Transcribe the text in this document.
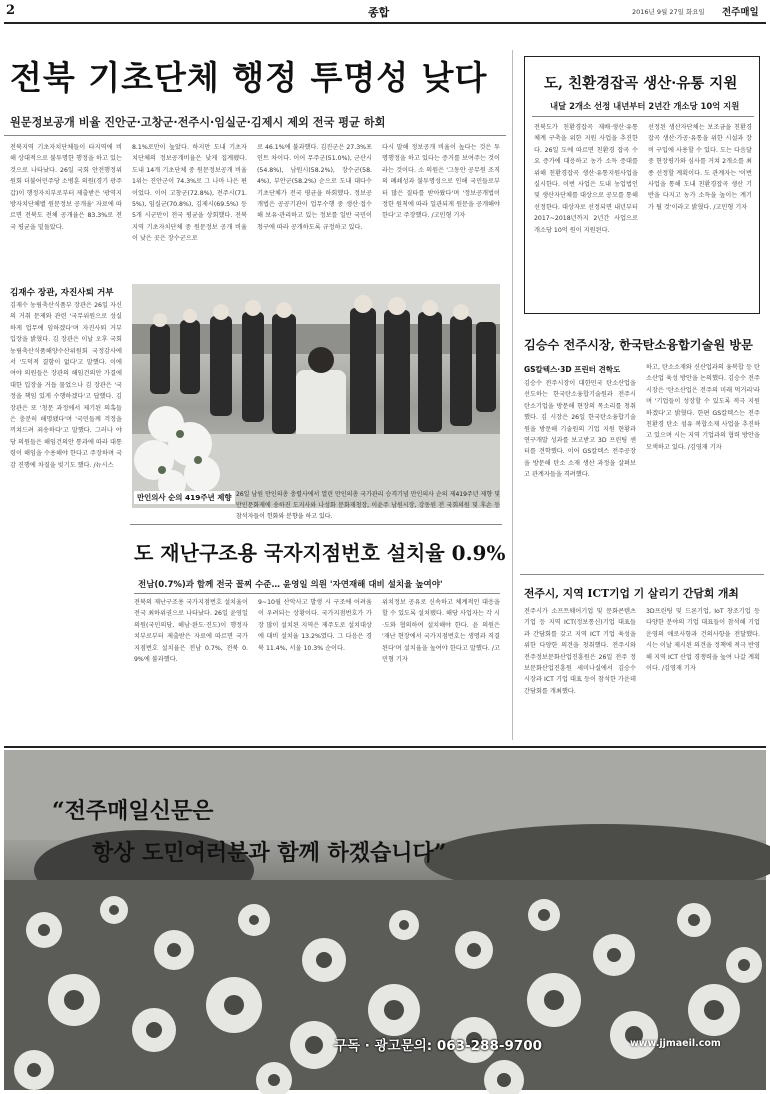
2	종합	2016년 9월 27일 화요일 전주매일
전북 기초단체 행정 투명성 낮다
원문정보공개 비율 진안군·고창군·전주시·임실군·김제시 제외 전국 평균 하회
전북지역 기초자치단체들이 타지역에 비해 상대적으로 불투명한 행정을 하고 있는 것으로 나타났다. 26일 국회 안전행정위원회 더불어민주당 소병훈 의원(경기 광주갑)이 행정자치부로부터 제출받은 '광역지방자치단체별 원문정보 공개율' 자료에 따르면 전북도 전체 공개율은 83.3%로 전국 평균을 밑돌았다.
8.1%로만이 높았다. 하지만 도내 기초자치단체의 정보공개비율은 낮게 집계됐다. 도내 14개 기초단체 중 원문정보공개 비율 1위는 진안군이 74.3%로 그 나마 나은 편이었다. 이어 고창군(72.8%), 전주시(71.5%), 임실군(70.8%), 김제시(69.5%) 등 5개 시군만이 전국 평균을 상회했다. 전북지역 기초자치단체 중 원문정보 공개 비율이 낮은 곳은 장수군으로
로 46.1%에 불과했다. 김진군은 27.3%포인트 차이다. 이어 무주군(51.0%), 군산시(54.8%), 남원시(58.2%), 장수군(58.4%), 부안군(58.2%) 순으로 도내 대다수 기초단체가 전국 평균을 하회했다. 정보공개법은 공공기관이 업무수행 중 생산·접수해 보유·관리하고 있는 정보를 일반 국민이 청구에 따라 공개하도록 규정하고 있다.
다시 말해 정보공개 비율이 높다는 것은 투명행정을 하고 있다는 증거를 보여주는 것이라는 것이다. 소 의원은 '그동안 공무원 조직의 폐쇄성과 불투명성으로 인해 국민들로부터 많은 질타를 받아왔다'며 '정보공개법이 정한 원칙에 따라 일관되게 원문을 공개해야 한다'고 주장했다. /고민형 기자
김재수 장관, 자진사퇴 거부
김재수 농림축산식품부 장관은 26일 자신의 거취 문제와 관련 '국무위원으로 성실하게 업무에 임하겠다'며 자진사퇴 거부 입장을 밝혔다. 김 장관은 이날 오후 국회 농림축산식품해양수산위원회 국정감사에서 '도덕적 결함이 없다'고 말했다. 이에 여야 의원들은 장관의 해임건의안 가결에 대한 입장을 거듭 물었으나 김 장관은 '국정을 책임 있게 수행하겠다'고 답했다. 김 장관은 또 '청문 과정에서 제기된 의혹들은 충분히 해명됐다'며 '국민들께 걱정을 끼쳐드려 죄송하다'고 말했다. 그러나 야당 의원들은 해임건의안 통과에 따라 대통령이 해임을 수용해야 한다고 주장하며 국감 진행에 차질을 빚기도 했다. /뉴시스
만인의사 순의 419주년 제향 26일 남원 만인의총 충렬사에서 열린 만인의총 국가관리 승격기념 만인의사 순의 제419주년 제향 및 만인문화제에 송하진 도지사와 나성화 문화재청장, 이윤주 남원시장, 강동원 전 국회의원 및 후손 등 참석자들이 헌화와 분향을 하고 있다.
도 재난구조용 국자지점번호 설치율 0.9%
전남(0.7%)과 함께 전국 꼴찌 수준… 윤영일 의원 '자연재해 대비 설치율 높여야'
전북의 재난구조용 국가지점번호 설치율이 전국 최하위권으로 나타났다. 26일 윤영일 의원(국민의당, 해남·완도·진도)이 행정자치부로부터 제출받은 자료에 따르면 국가지점번호 설치율은 전남 0.7%, 전북 0.9%에 불과했다.
9~10월 산악사고 발생 시 구조에 어려움이 우려되는 상황이다. 국가지점번호가 가장 많이 설치된 지역은 제주도로 설치대상에 대비 설치율 13.2%였다. 그 다음은 경북 11.4%, 서울 10.3% 순이다.
위치정보 공유로 신속하고 체계적인 대응을 할 수 있도록 설치됐다. 해당 사업자는 각 시·도와 협의하여 설치해야 한다. 윤 의원은 '재난 현장에서 국가지점번호는 생명과 직결된다'며 설치율을 높여야 한다고 말했다. /고민형 기자
도, 친환경잡곡 생산·유통 지원
내달 2개소 선정 내년부터 2년간 개소당 10억 지원
전북도가 친환경잡곡 재배·생산·유통 체계 구축을 위한 지원 사업을 추진한다. 26일 도에 따르면 친환경 잡곡 수요 증가에 대응하고 농가 소득 증대를 위해 친환경잡곡 생산·유통지원사업을 실시한다. 이번 사업은 도내 농업법인 및 생산자단체를 대상으로 공모를 통해 선정한다. 대상자로 선정되면 내년부터 2017~2018년까지 2년간 사업으로 개소당 10억 원이 지원된다.
선정된 생산자단체는 보조금을 친환경잡곡 생산·가공·유통을 위한 시설과 장비 구입에 사용할 수 있다. 도는 다음달 중 현장평가와 심사를 거쳐 2개소를 최종 선정할 계획이다. 도 관계자는 '이번 사업을 통해 도내 친환경잡곡 생산 기반을 다지고 농가 소득을 높이는 계기가 될 것'이라고 밝혔다. /고민형 기자
김승수 전주시장, 한국탄소융합기술원 방문
GS칼텍스·3D 프린터 견학도
김승수 전주시장이 대한민국 탄소산업을 선도하는 한국탄소융합기술원과 전주시 탄소기업을 방문해 현장의 목소리를 청취했다. 김 시장은 26일 한국탄소융합기술원을 방문해 기술원의 기업 지원 현황과 연구개발 성과를 보고받고 3D 프린팅 센터를 견학했다. 이어 GS칼텍스 전주공장을 방문해 탄소 소재 생산 과정을 살펴보고 관계자들을 격려했다.
하고, 탄소소재와 신산업과의 융복합 등 탄소산업 육성 방안을 논의했다. 김승수 전주시장은 '탄소산업은 전주의 미래 먹거리'라며 '기업들이 성장할 수 있도록 적극 지원하겠다'고 밝혔다. 한편 GS칼텍스는 전주 친환경 탄소 섬유 복합소재 사업을 추진하고 있으며 시는 지역 기업과의 협력 방안을 모색하고 있다. /김영재 기자
전주시, 지역 ICT기업 기 살리기 간담회 개최
전주시가 소프트웨어기업 및 문화콘텐츠 기업 등 지역 ICT(정보통신)기업 대표들과 간담회를 갖고 지역 ICT 기업 육성을 위한 다양한 의견을 청취했다. 전주시와 전주정보문화산업진흥원은 26일 전주 정보문화산업진흥원 세미나실에서 김승수 시장과 ICT 기업 대표 등이 참석한 가운데 간담회를 개최했다.
3D프린팅 및 드론기업, IoT 창조기업 등 다양한 분야의 기업 대표들이 참석해 기업 운영의 애로사항과 건의사항을 전달했다. 시는 이날 제시된 의견을 정책에 적극 반영해 지역 ICT 산업 경쟁력을 높여 나갈 계획이다. /김영재 기자
“전주매일신문은
항상 도민여러분과 함께 하겠습니다”
구독 · 광고문의: 063-288-9700	www.jjmaeil.com
